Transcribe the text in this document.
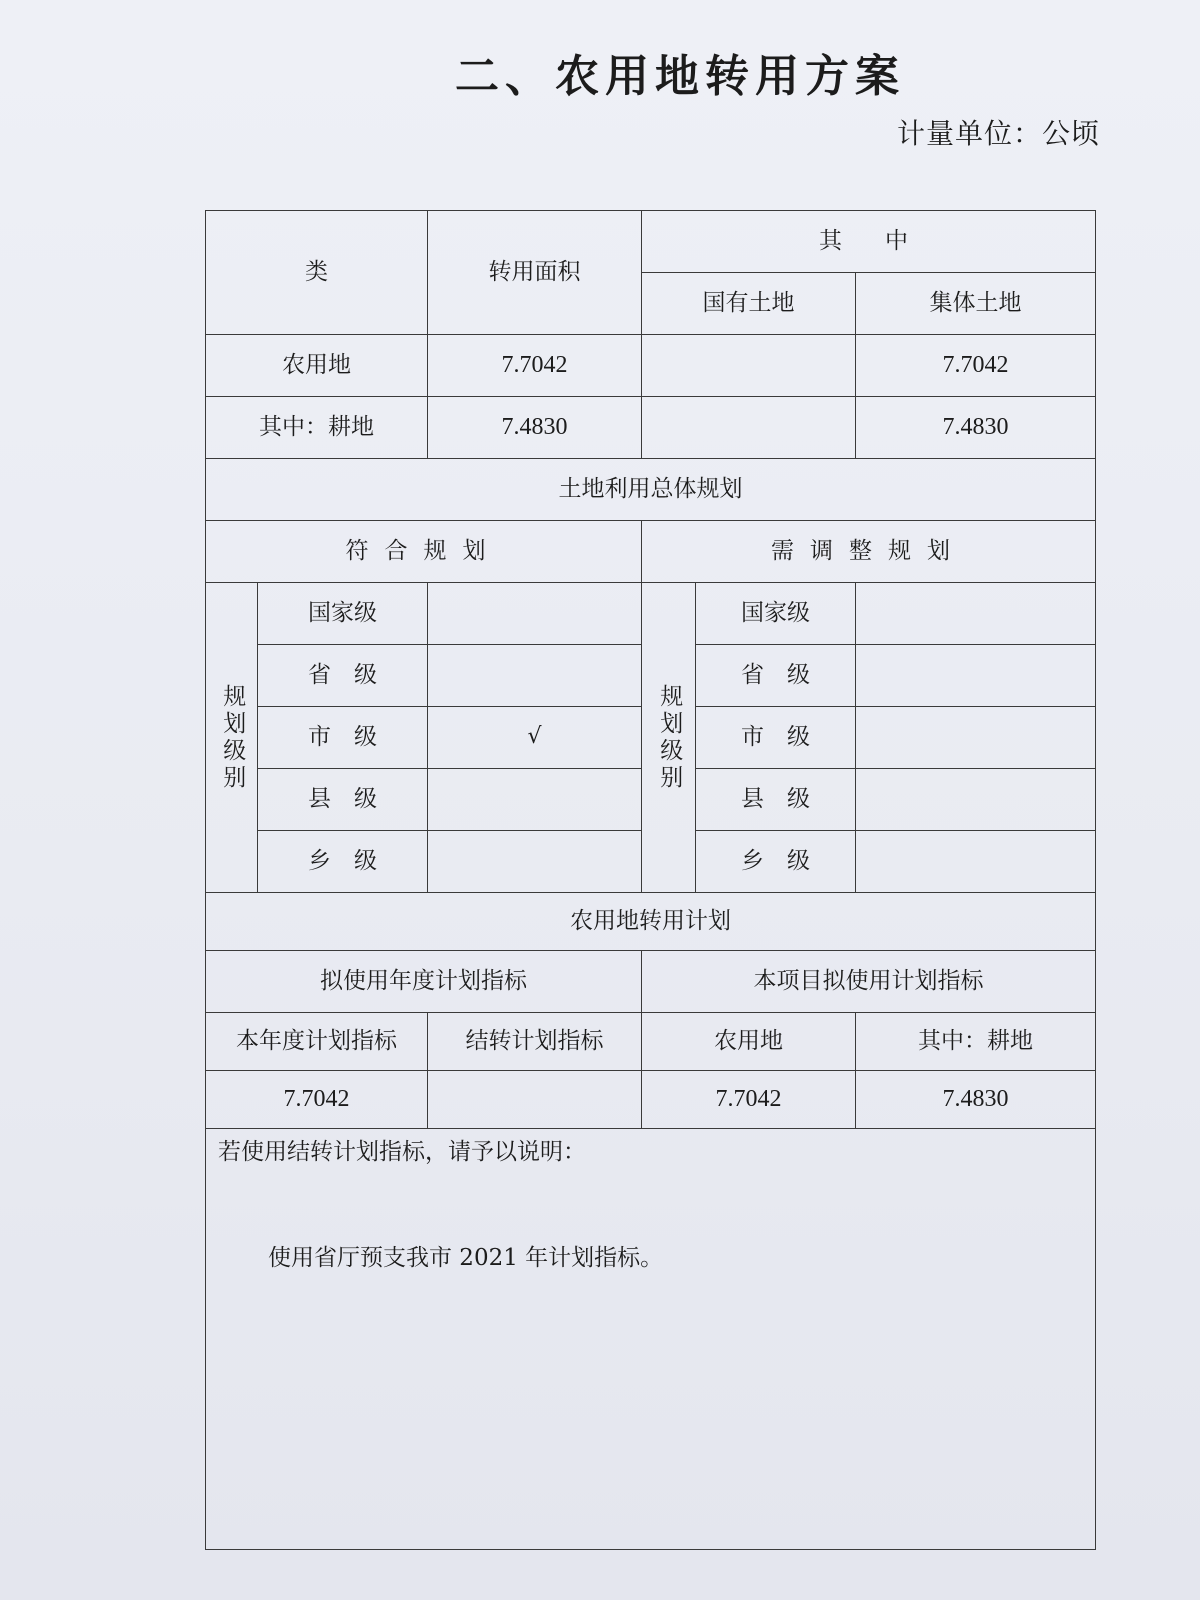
二、农用地转用方案
计量单位：公顷
类		转用面积	其　中		
			国有土地		集体土地
农用地		7.7042			7.7042
其中：耕地		7.4830			7.4830
土地利用总体规划					
符合规划			需调整规划		
规划级别	国家级		规划级别	国家级	
	省　级			省　级	
	市　级	√		市　级	
	县　级			县　级	
	乡　级			乡　级	
农用地转用计划					
拟使用年度计划指标			本项目拟使用计划指标		
本年度计划指标		结转计划指标	农用地		其中：耕地
7.7042			7.7042		7.4830

若使用结转计划指标，请予以说明：
使用省厅预支我市 2021 年计划指标。					
